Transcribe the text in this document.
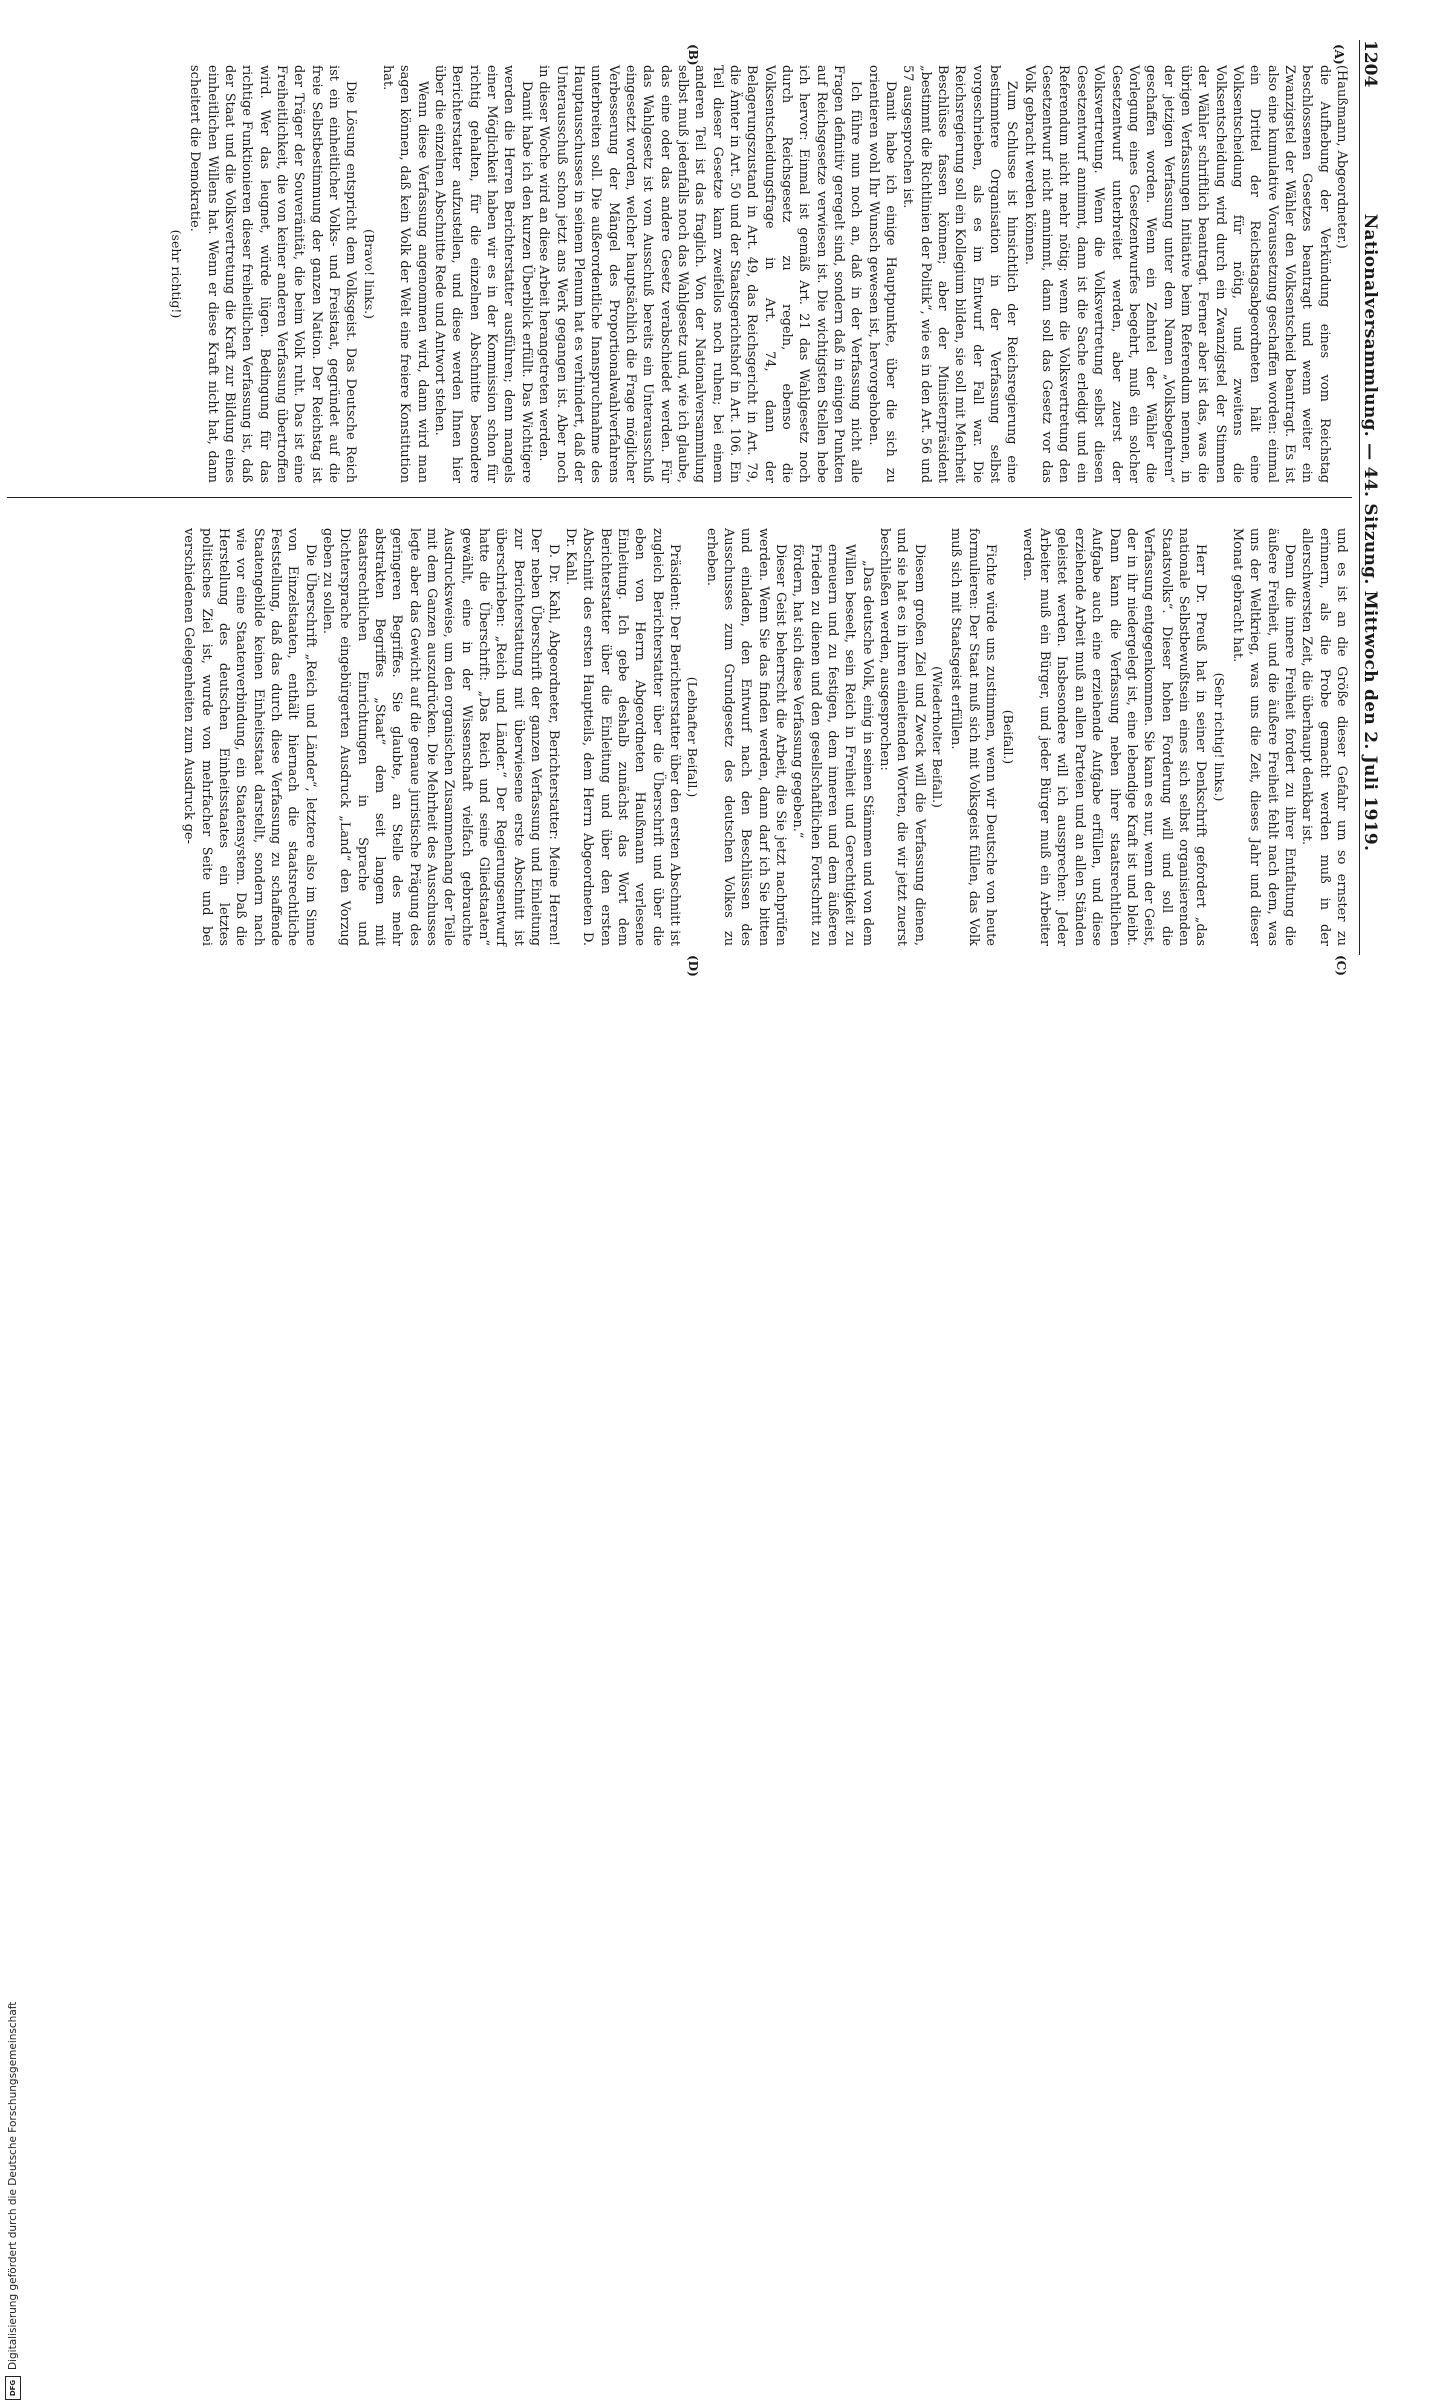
1204
Nationalversammlung. — 44. Sitzung. Mittwoch den 2. Juli 1919.
(A)
(B)
(C)
(D)

(Haußmann, Abgeordneter.)

die Aufhebung der Verkündung eines vom Reichstag beschlossenen Gesetzes beantragt und wenn weiter ein Zwanzigstel der Wähler den Volksentscheid beantragt. Es ist also eine kumulative Voraussetzung geschaffen worden: einmal ein Drittel der Reichstagsabgeordneten hält eine Volksentscheidung für nötig, und zweitens die Volksentscheidung wird durch ein Zwanzigstel der Stimmen der Wähler schriftlich beantragt. Ferner aber ist das, was die übrigen Verfassungen Initiative beim Referendum nennen, in der jetzigen Verfassung unter dem Namen „Volksbegehren“ geschaffen worden. Wenn ein Zehntel der Wähler die Vorlegung eines Gesetzentwurfes begehrt, muß ein solcher Gesetzentwurf unterbreitet werden, aber zuerst der Volksvertretung. Wenn die Volksvertretung selbst diesen Gesetzentwurf annimmt, dann ist die Sache erledigt und ein Referendum nicht mehr nötig; wenn die Volksvertretung den Gesetzentwurf nicht annimmt, dann soll das Gesetz vor das Volk gebracht werden können.

Zum Schlusse ist hinsichtlich der Reichsregierung eine bestimmtere Organisation in der Verfassung selbst vorgeschrieben, als es im Entwurf der Fall war. Die Reichsregierung soll ein Kollegium bilden, sie soll mit Mehrheit Beschlüsse fassen können; aber der Ministerpräsident „bestimmt die Richtlinien der Politik“, wie es in den Art. 56 und 57 ausgesprochen ist.

Damit habe ich einige Hauptpunkte, über die sich zu orientieren wohl Ihr Wunsch gewesen ist, hervorgehoben.

Ich führe nun noch an, daß in der Verfassung nicht alle Fragen definitiv geregelt sind, sondern daß in einigen Punkten auf Reichsgesetze verwiesen ist. Die wichtigsten Stellen hebe ich hervor: Einmal ist gemäß Art. 21 das Wahlgesetz noch durch Reichsgesetz zu regeln, ebenso die Volksentscheidungsfrage in Art. 74, dann der Belagerungszustand in Art. 49, das Reichsgericht in Art. 79, die Ämter in Art. 50 und der Staatsgerichtshof in Art. 106. Ein Teil dieser Gesetze kann zweifellos noch ruhen; bei einem anderen Teil ist das fraglich. Von der Nationalversammlung selbst muß jedenfalls noch das Wahlgesetz und, wie ich glaube, das eine oder das andere Gesetz verabschiedet werden. Für das Wahlgesetz ist vom Ausschuß bereits ein Unterausschuß eingesetzt worden, welcher hauptsächlich die Frage möglicher Verbesserung der Mängel des Proportionalwahlverfahrens unterbreiten soll. Die außerordentliche Inanspruchnahme des Hauptausschusses in seinem Plenum hat es verhindert, daß der Unterausschuß schon jetzt ans Werk gegangen ist. Aber noch in dieser Woche wird an diese Arbeit herangetreten werden.

Damit habe ich den kurzen Überblick erfüllt. Das Wichtigere werden die Herren Berichterstatter ausführen; denn mangels einer Möglichkeit haben wir es in der Kommission schon für richtig gehalten, für die einzelnen Abschnitte besondere Berichterstatter aufzustellen, und diese werden Ihnen hier über die einzelnen Abschnitte Rede und Antwort stehen.

Wenn diese Verfassung angenommen wird, dann wird man sagen können, daß kein Volk der Welt eine freiere Konstitution hat.

(Bravo! links.)

Die Lösung entspricht dem Volksgeist. Das Deutsche Reich ist ein einheitlicher Volks- und Freistaat, gegründet auf die freie Selbstbestimmung der ganzen Nation. Der Reichstag ist der Träger der Souveränität, die beim Volk ruht. Das ist eine Freiheitlichkeit, die von keiner anderen Verfassung übertroffen wird. Wer das leugnet, würde lügen. Bedingung für das richtige Funktionieren dieser freiheitlichen Verfassung ist, daß der Staat und die Volksvertretung die Kraft zur Bildung eines einheitlichen Willens hat. Wenn er diese Kraft nicht hat, dann scheitert die Demokratie.

(sehr richtig!)

und es ist an die Größe dieser Gefahr um so ernster zu erinnern, als die Probe gemacht werden muß in der allerschwersten Zeit, die überhaupt denkbar ist.

Denn die innere Freiheit fordert zu ihrer Entfaltung die äußere Freiheit, und die äußere Freiheit fehlt nach dem, was uns der Weltkrieg, was uns die Zeit, dieses Jahr und dieser Monat gebracht hat.

(Sehr richtig! links.)

Herr Dr. Preuß hat in seiner Denkschrift gefordert „das nationale Selbstbewußtsein eines sich selbst organisierenden Staatsvolks“. Dieser hohen Forderung will und soll die Verfassung entgegenkommen. Sie kann es nur, wenn der Geist, der in ihr niedergelegt ist, eine lebendige Kraft ist und bleibt. Dann kann die Verfassung neben ihrer staatsrechtlichen Aufgabe auch eine erziehende Aufgabe erfüllen, und diese erziehende Arbeit muß an allen Parteien und an allen Ständen geleistet werden. Insbesondere will ich aussprechen: Jeder Arbeiter muß ein Bürger, und jeder Bürger muß ein Arbeiter werden.

(Beifall.)

Fichte würde uns zustimmen, wenn wir Deutsche von heute formulieren: Der Staat muß sich mit Volksgeist füllen, das Volk muß sich mit Staatsgeist erfüllen.

(Wiederholter Beifall.)

Diesem großen Ziel und Zweck will die Verfassung dienen, und sie hat es in ihren einleitenden Worten, die wir jetzt zuerst beschließen werden, ausgesprochen:

„Das deutsche Volk, einig in seinen Stämmen und von dem Willen beseelt, sein Reich in Freiheit und Gerechtigkeit zu erneuern und zu festigen, dem inneren und dem äußeren Frieden zu dienen und den gesellschaftlichen Fortschritt zu fördern, hat sich diese Verfassung gegeben.“

Dieser Geist beherrscht die Arbeit, die Sie jetzt nachprüfen werden. Wenn Sie das finden werden, dann darf ich Sie bitten und einladen, den Entwurf nach den Beschlüssen des Ausschusses zum Grundgesetz des deutschen Volkes zu erheben.

(Lebhafter Beifall.)

Präsident: Der Berichterstatter über den ersten Abschnitt ist zugleich Berichterstatter über die Überschrift und über die eben von Herrn Abgeordneten Haußmann verlesene Einleitung. Ich gebe deshalb zunächst das Wort dem Berichterstatter über die Einleitung und über den ersten Abschnitt des ersten Hauptteils, dem Herrn Abgeordneten D. Dr. Kahl.

D. Dr. Kahl, Abgeordneter, Berichterstatter: Meine Herren! Der neben Überschrift der ganzen Verfassung und Einleitung zur Berichterstattung mit überwiesene erste Abschnitt ist überschrieben: „Reich und Länder.“ Der Regierungsentwurf hatte die Überschrift: „Das Reich und seine Gliedstaaten“ gewählt, eine in der Wissenschaft vielfach gebrauchte Ausdrucksweise, um den organischen Zusammenhang der Teile mit dem Ganzen auszudrücken. Die Mehrheit des Ausschusses legte aber das Gewicht auf die genaue juristische Prägung des geringeren Begriffes. Sie glaubte, an Stelle des mehr abstrakten Begriffes „Staat“ dem seit langem mit staatsrechtlichen Einrichtungen in Sprache und Dichtersprache eingebürgerten Ausdruck „Land“ den Vorzug geben zu sollen.

Die Überschrift „Reich und Länder“, letztere also im Sinne von Einzelstaaten, enthält hiernach die staatsrechtliche Feststellung, daß das durch diese Verfassung zu schaffende Staatengebilde keinen Einheitsstaat darstellt, sondern nach wie vor eine Staatenverbindung, ein Staatensystem. Daß die Herstellung des deutschen Einheitsstaates ein letztes politisches Ziel ist, wurde von mehrfacher Seite und bei verschiedenen Gelegenheiten zum Ausdruck ge-

DFG
Digitalisierung gefördert durch die Deutsche Forschungsgemeinschaft
